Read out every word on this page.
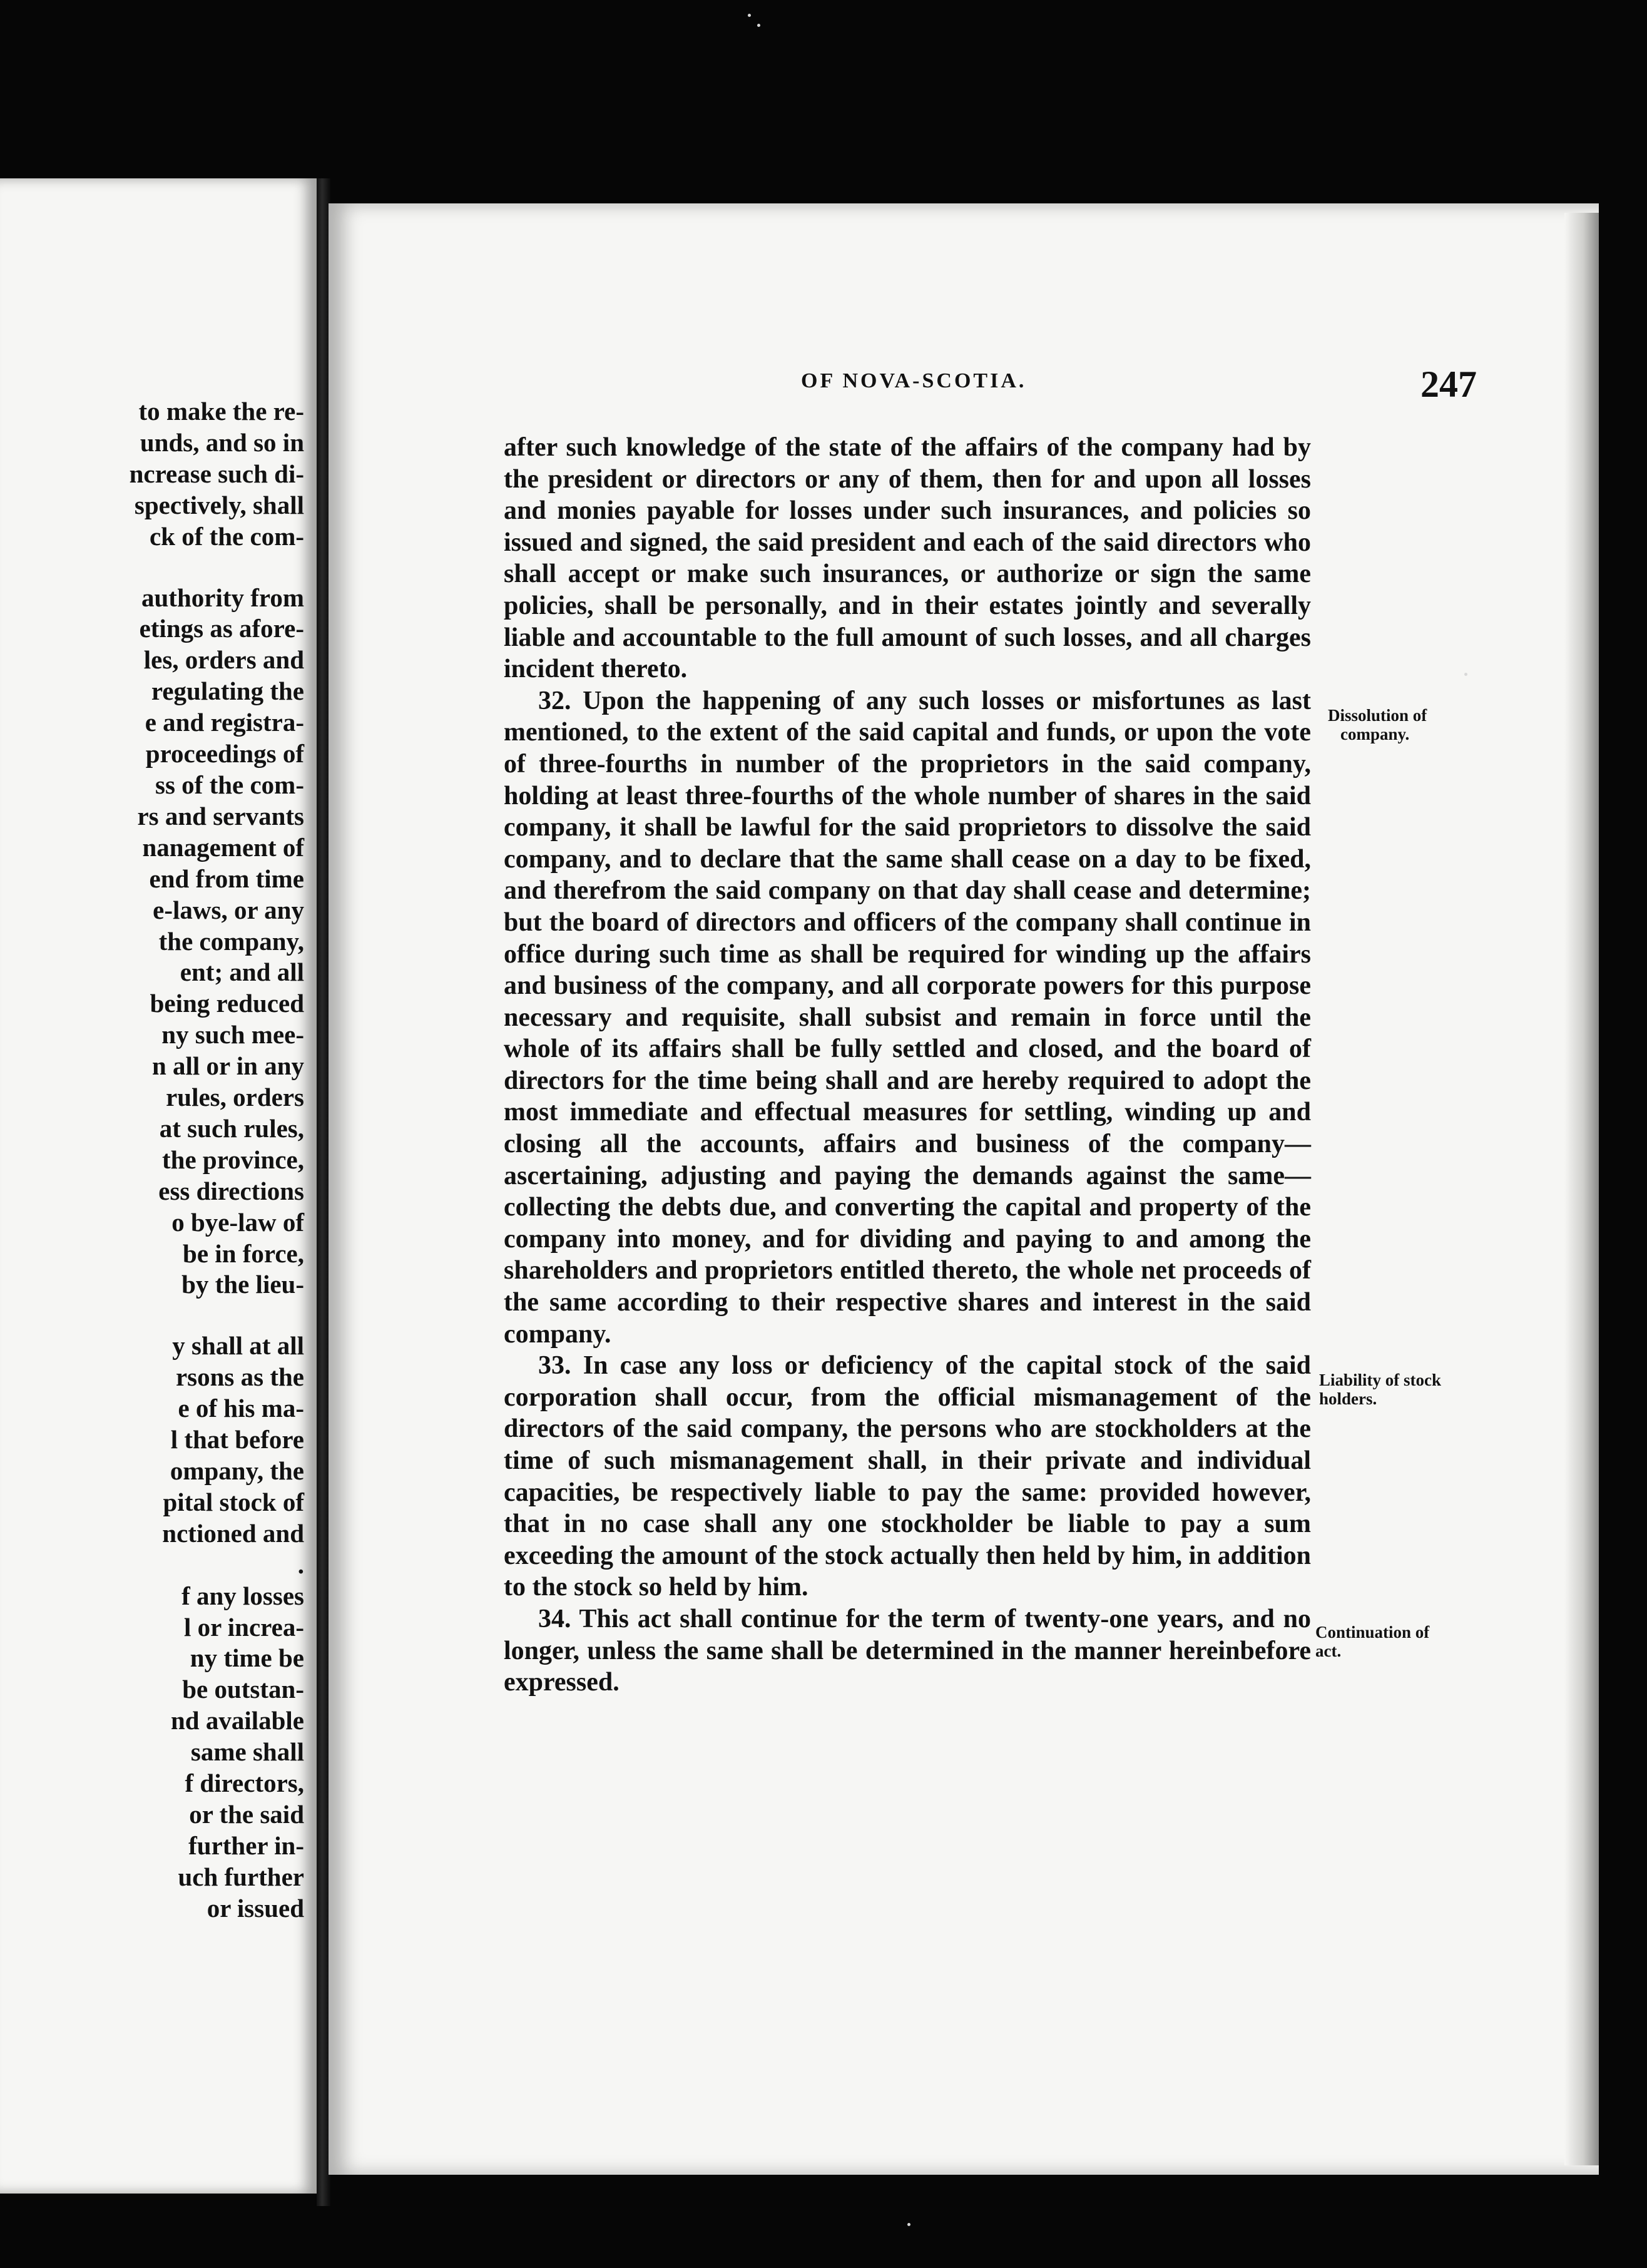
to make the re-
unds, and so in
ncrease such di-
spectively, shall
ck of the com-
authority from
etings as afore-
les, orders and
regulating the
e and registra-
proceedings of
ss of the com-
rs and servants
nanagement of
end from time
e-laws, or any
the company,
ent; and all
being reduced
ny such mee-
n all or in any
rules, orders
at such rules,
the province,
ess directions
o bye-law of
be in force,
by the lieu-
y shall at all
rsons as the
e of his ma-
l that before
ompany, the
pital stock of
nctioned and
.
f any losses
l or increa-
ny time be
be outstan-
nd available
same shall
f directors,
or the said
further in-
uch further
or issued
OF NOVA-SCOTIA.	247

after such knowledge of the state of the affairs of the company had by the president or directors or any of them, then for and upon all losses and monies payable for losses under such insurances, and policies so issued and signed, the said president and each of the said directors who shall accept or make such insurances, or authorize or sign the same policies, shall be personally, and in their estates jointly and severally liable and accountable to the full amount of such losses, and all charges incident thereto.

32. Upon the happening of any such losses or misfortunes as last mentioned, to the extent of the said capital and funds, or upon the vote of three-fourths in number of the proprietors in the said company, holding at least three-fourths of the whole number of shares in the said company, it shall be lawful for the said proprietors to dissolve the said company, and to declare that the same shall cease on a day to be fixed, and therefrom the said company on that day shall cease and determine; but the board of directors and officers of the company shall continue in office during such time as shall be required for winding up the affairs and business of the company, and all corporate powers for this purpose necessary and requisite, shall subsist and remain in force until the whole of its affairs shall be fully settled and closed, and the board of directors for the time being shall and are hereby required to adopt the most immediate and effectual measures for settling, winding up and closing all the accounts, affairs and business of the company—ascertaining, adjusting and paying the demands against the same—collecting the debts due, and converting the capital and property of the company into money, and for dividing and paying to and among the shareholders and proprietors entitled thereto, the whole net proceeds of the same according to their respective shares and interest in the said company.

33. In case any loss or deficiency of the capital stock of the said corporation shall occur, from the official mismanagement of the directors of the said company, the persons who are stockholders at the time of such mismanagement shall, in their private and individual capacities, be respectively liable to pay the same: provided however, that in no case shall any one stockholder be liable to pay a sum exceeding the amount of the stock actually then held by him, in addition to the stock so held by him.

34. This act shall continue for the term of twenty-one years, and no longer, unless the same shall be determined in the manner hereinbefore expressed.

Dissolution of
company.
Liability of stock
holders.
Continuation of
act.
